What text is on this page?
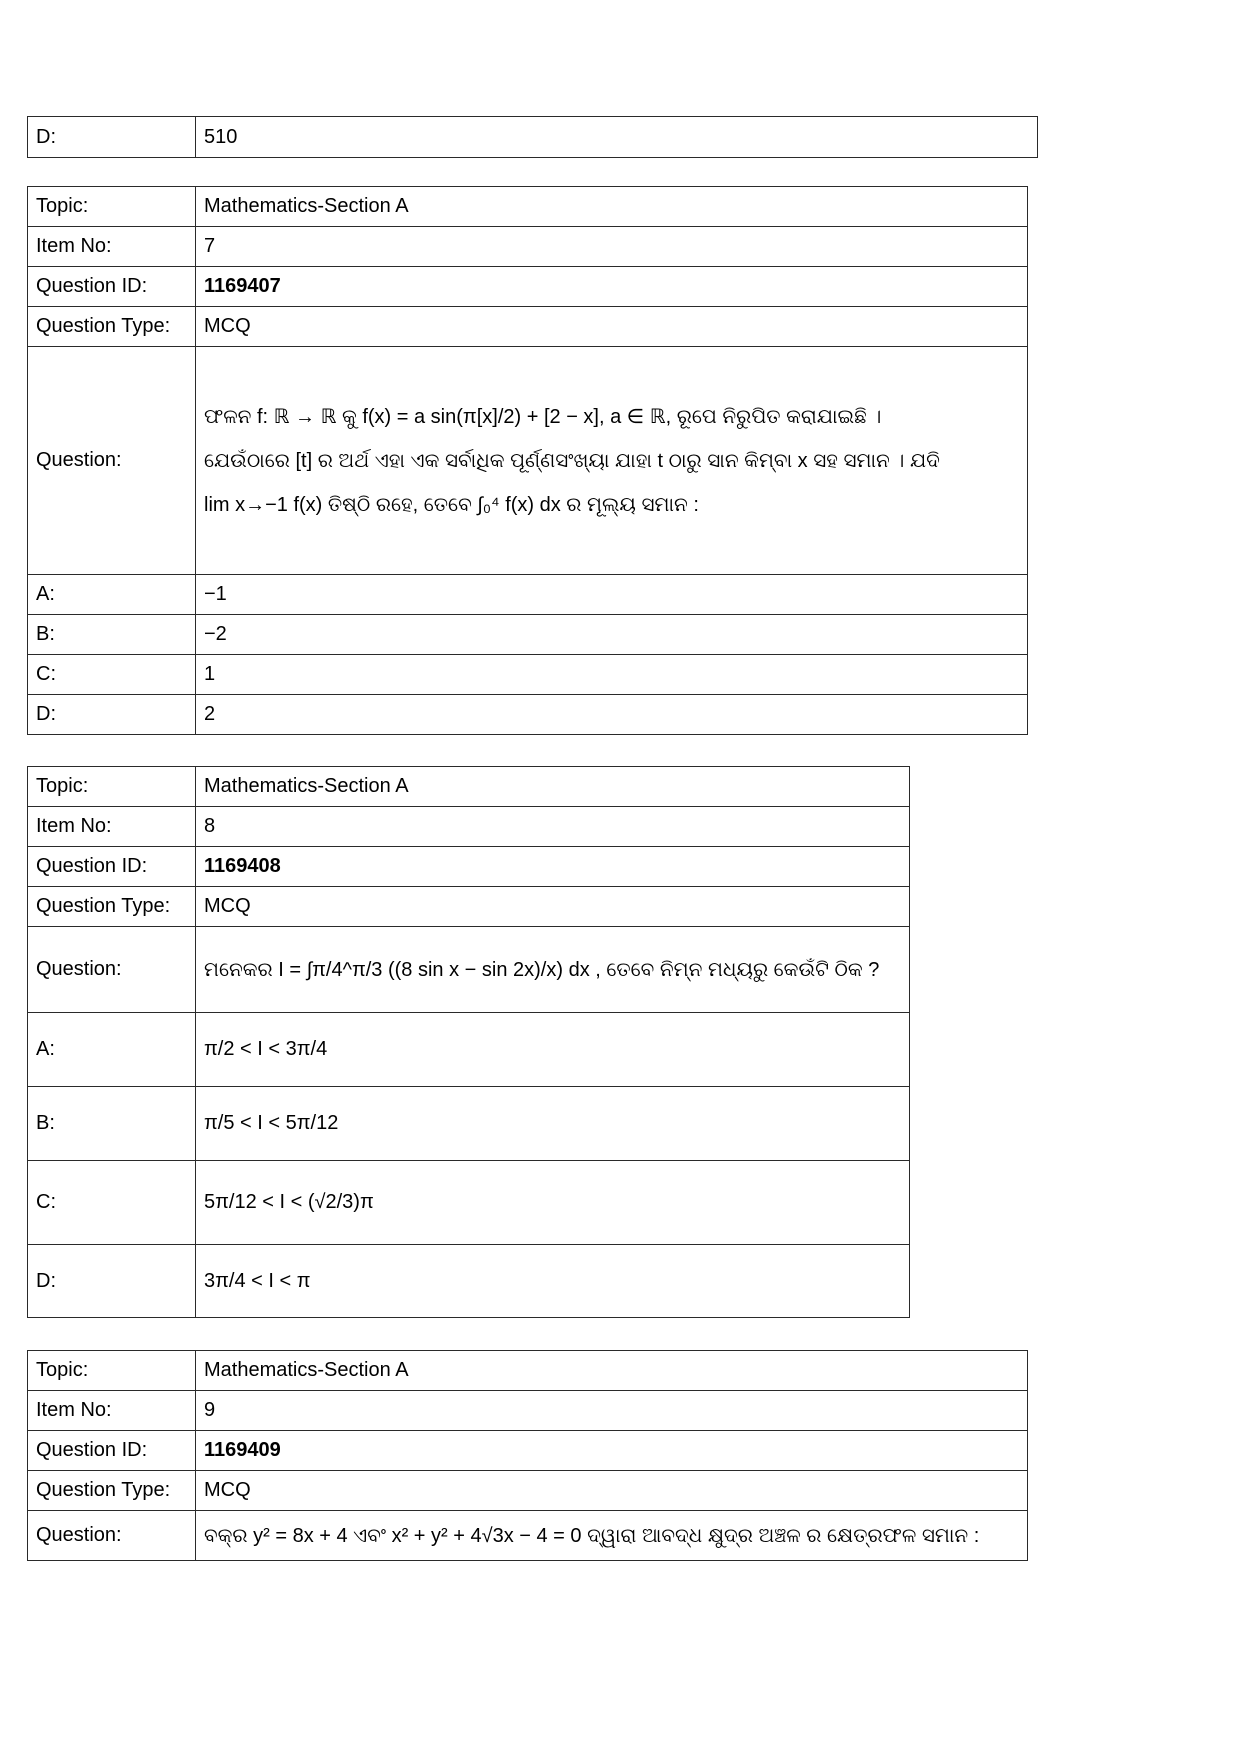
D:	510
Topic:	Mathematics-Section A
Item No:	7
Question ID:	1169407
Question Type:	MCQ
Question:	ଫଳନ f: ℝ → ℝ କୁ f(x) = a sin(π[x]/2) + [2 − x], a ∈ ℝ, ରୂପେ ନିରୁପିତ କରାଯାଇଛି ।
ଯେଉଁଠାରେ [t] ର ଅର୍ଥ ଏହା ଏକ ସର୍ବାଧିକ ପୂର୍ଣ୍ଣସଂଖ୍ୟା ଯାହା t ଠାରୁ ସାନ କିମ୍ବା x ସହ ସମାନ । ଯଦି
lim x→−1 f(x) ତିଷ୍ଠି ରହେ, ତେବେ ∫₀⁴ f(x) dx ର ମୂଲ୍ୟ ସମାନ :

A:	−1
B:	−2
C:	1
D:	2
Topic:	Mathematics-Section A
Item No:	8
Question ID:	1169408
Question Type:	MCQ
Question:	ମନେକର I = ∫π/4^π/3 ((8 sin x − sin 2x)/x) dx , ତେବେ ନିମ୍ନ ମଧ୍ୟରୁ କେଉଁଟି ଠିକ ?

A:	π/2 < I < 3π/4
B:	π/5 < I < 5π/12
C:	5π/12 < I < (√2/3)π
D:	3π/4 < I < π
Topic:	Mathematics-Section A
Item No:	9
Question ID:	1169409
Question Type:	MCQ
Question:	ବକ୍ର y² = 8x + 4 ଏବଂ x² + y² + 4√3x − 4 = 0 ଦ୍ୱାରା ଆବଦ୍ଧ କ୍ଷୁଦ୍ର ଅଞ୍ଚଳ ର କ୍ଷେତ୍ରଫଳ ସମାନ :
